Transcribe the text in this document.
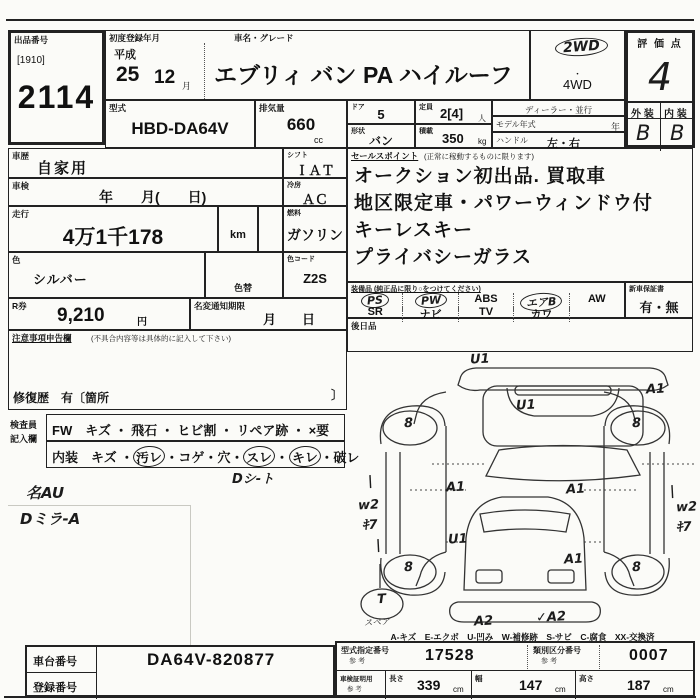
出品番号
[1910]
2114
初度登録年月	車名・グレード
平成
25 12 月 エブリィ バン PA ハイルーフ
2WD
・
4WD
評 価 点
4
外 装 内 装
B B
型式
HBD-DA64V
排気量
660
cc
ドア 5
形状
バン
定員 2[4] 人
積載 350 kg
ディーラー・並行
モデル年式	年
ハンドル 左・右
車歴
自家用
シフト
ＩＡＴ
車検
年　　月(　　日)
冷房
ＡＣ
走行
4万1千178	km
燃料
ガソリン
色
シルバー
色替
色コード
Z2S
R券 9,210	円
名変通知期限
月　　日
注意事項申告欄	(不具合内容等は具体的に記入して下さい)
修復歴　有〔箇所	〕
セールスポイント (正常に稼動するものに限ります)
オークション初出品. 買取車
地区限定車・パワーウィンドウ付
キーレスキー
プライバシーガラス
装備品 (純正品に限り○をつけてください)
PS	PW	ABS	エアB	AW
SR	ナビ	TV	カワ
新車保証書
有・無
後日品
検査員
記入欄
FW　キズ ・ 飛石 ・ ヒビ割 ・ リペア跡 ・ ×要
内装　キズ ・ 汚レ ・コゲ・穴・ スレ ・ キレ ・破レ
Dシ-ト
U1
U1
A1
A1	A1
U1
A1
A2	✓A2
8	8
8	8
|
w2
ｷ7
|
T
スペア
|
w2
ｷ7
A-キズ　E-エクボ　U-凹み　W-補修跡　S-サビ　C-腐食　XX-交換済
車台番号	DA64V-820877
登録番号
型式指定番号
参 考	17528	類別区分番号
参 考	0007
車検証明用
参 考
長さ 339 cm
幅	147 cm
高さ 187 cm
名AU
Dミラ-A
